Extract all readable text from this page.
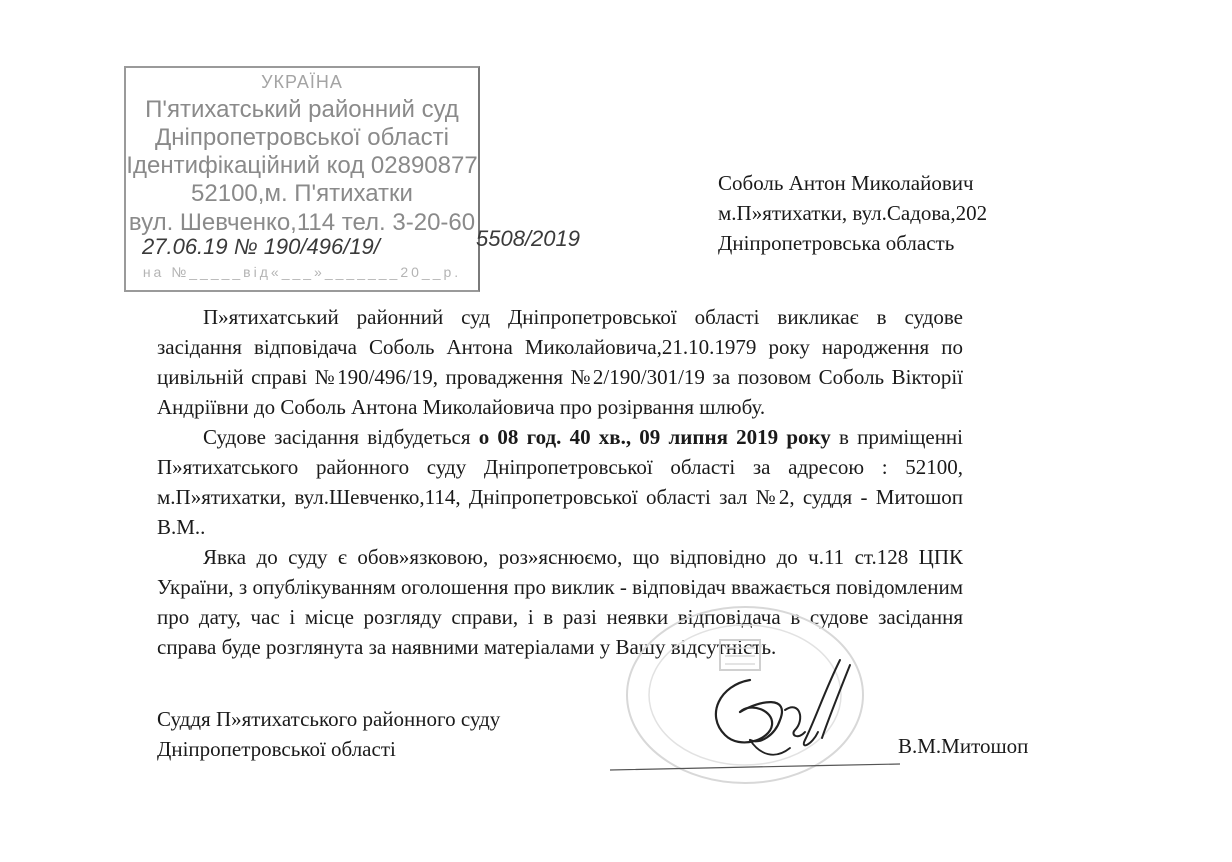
УКРАЇНА
П'ятихатський районний суд
Дніпропетровської області
Ідентифікаційний код 02890877
52100,м. П'ятихатки
вул. Шевченко,114 тел. 3-20-60
27.06.19 № 190/496/19/
на №_____від«___»_______20__р.
5508/2019
Соболь Антон Миколайович
м.П»ятихатки, вул.Садова,202
Дніпропетровська область

П»ятихатський районний суд Дніпропетровської області викликає в судове засідання відповідача Соболь Антона Миколайовича,21.10.1979 року народження по цивільній справі №190/496/19, провадження №2/190/301/19 за позовом Соболь Вікторії Андріївни до Соболь Антона Миколайовича про розірвання шлюбу.

Судове засідання відбудеться о 08 год. 40 хв., 09 липня 2019 року в приміщенні П»ятихатського районного суду Дніпропетровської області за адресою : 52100, м.П»ятихатки, вул.Шевченко,114, Дніпропетровської області зал №2, суддя - Митошоп В.М..

Явка до суду є обов»язковою, роз»яснюємо, що відповідно до ч.11 ст.128 ЦПК України, з опублікуванням оголошення про виклик - відповідач вважається повідомленим про дату, час і місце розгляду справи, і в разі неявки відповідача в судове засідання справа буде розглянута за наявними матеріалами у Вашу відсутність.

Суддя П»ятихатського районного суду
Дніпропетровської області	В.М.Митошоп
